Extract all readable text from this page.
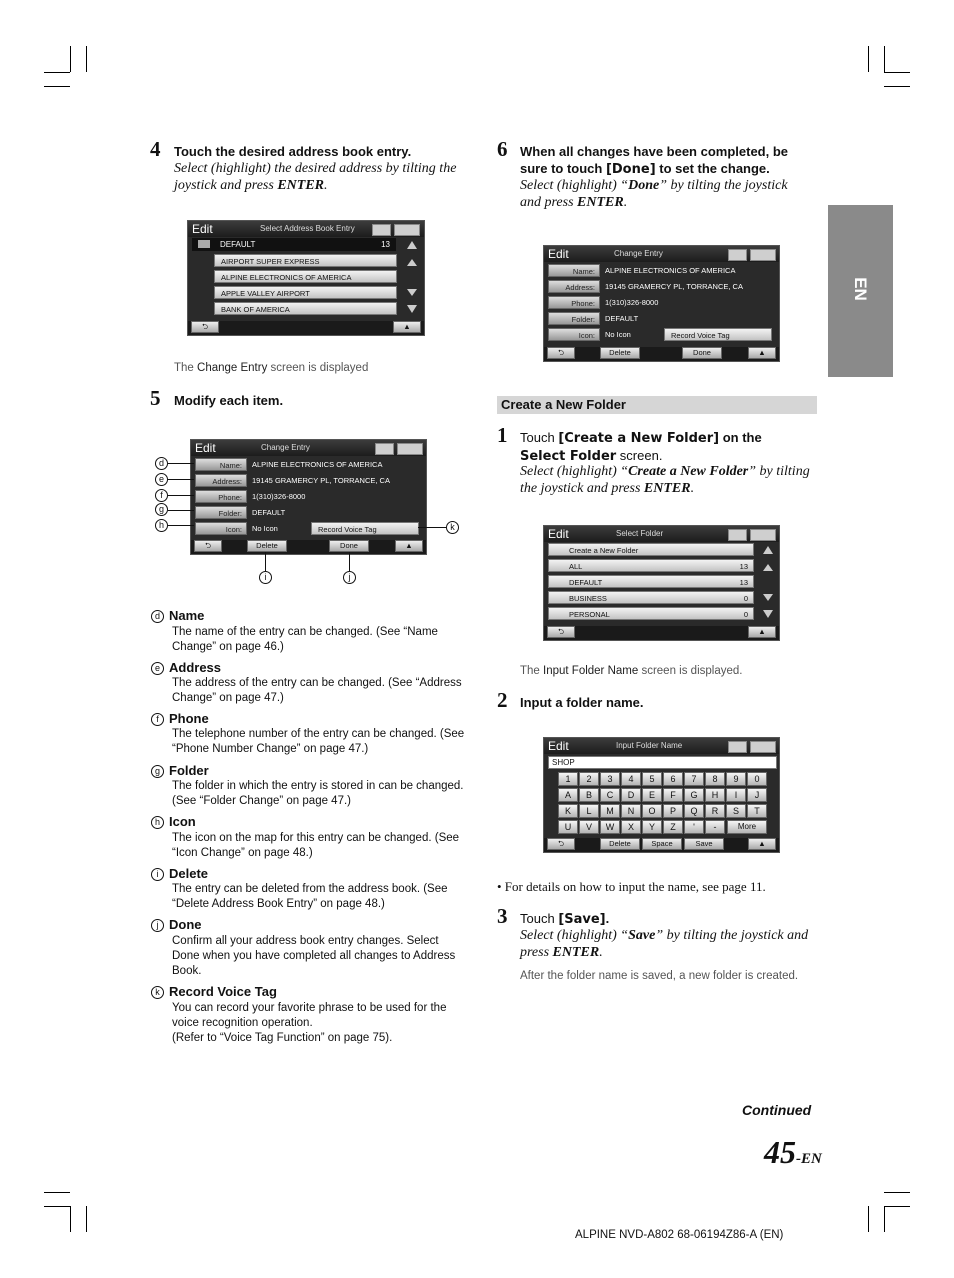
EN
4 Touch the desired address book entry.
Select (highlight) the desired address by tilting the joystick and press ENTER.
Edit	Select Address Book Entry
DEFAULT	13
AIRPORT SUPER EXPRESS
ALPINE ELECTRONICS OF AMERICA
APPLE VALLEY AIRPORT
BANK OF AMERICA
⮌	▲
The Change Entry screen is displayed
5 Modify each item.
Edit	Change Entry
Name:	ALPINE ELECTRONICS OF AMERICA
Address:	19145 GRAMERCY PL, TORRANCE, CA
Phone:	1(310)326-8000
Folder:	DEFAULT
Icon:	No Icon	Record Voice Tag
⮌	Delete	Done	▲
d
e
f
g
h	k
i	j
d Name
The name of the entry can be changed. (See “Name Change” on page 46.)
e Address
The address of the entry can be changed. (See “Address Change” on page 47.)
f Phone
The telephone number of the entry can be changed. (See “Phone Number Change” on page 47.)
g Folder
The folder in which the entry is stored in can be changed. (See “Folder Change” on page 47.)
h Icon
The icon on the map for this entry can be changed. (See “Icon Change” on page 48.)
i Delete
The entry can be deleted from the address book. (See “Delete Address Book Entry” on page 48.)
j Done
Confirm all your address book entry changes. Select Done when you have completed all changes to Address Book.
k Record Voice Tag
You can record your favorite phrase to be used for the voice recognition operation.
(Refer to “Voice Tag Function” on page 75).
6 When all changes have been completed, be sure to touch [Done] to set the change.
Select (highlight) “Done” by tilting the joystick and press ENTER.
Edit	Change Entry
Name:	ALPINE ELECTRONICS OF AMERICA
Address:	19145 GRAMERCY PL, TORRANCE, CA
Phone:	1(310)326-8000
Folder:	DEFAULT
Icon:	No Icon	Record Voice Tag
⮌	Delete	Done	▲
Create a New Folder
1 Touch [Create a New Folder] on the Select Folder screen.
Select (highlight) “Create a New Folder” by tilting the joystick and press ENTER.
Edit	Select Folder
Create a New Folder
ALL	13
DEFAULT	13
BUSINESS	0
PERSONAL	0
⮌	▲
The Input Folder Name screen is displayed.
2 Input a folder name.
Edit	Input Folder Name
SHOP
1	2	3	4	5	6	7	8	9	0
A	B	C	D	E	F	G	H	I	J
K	L	M	N	O	P	Q	R	S	T
U	V	W	X	Y	Z	'	-	More
⮌	Delete	Space	Save	▲
• For details on how to input the name, see page 11.
3 Touch [Save].
Select (highlight) “Save” by tilting the joystick and press ENTER.
After the folder name is saved, a new folder is created.
Continued
45-EN
ALPINE NVD-A802 68-06194Z86-A (EN)
